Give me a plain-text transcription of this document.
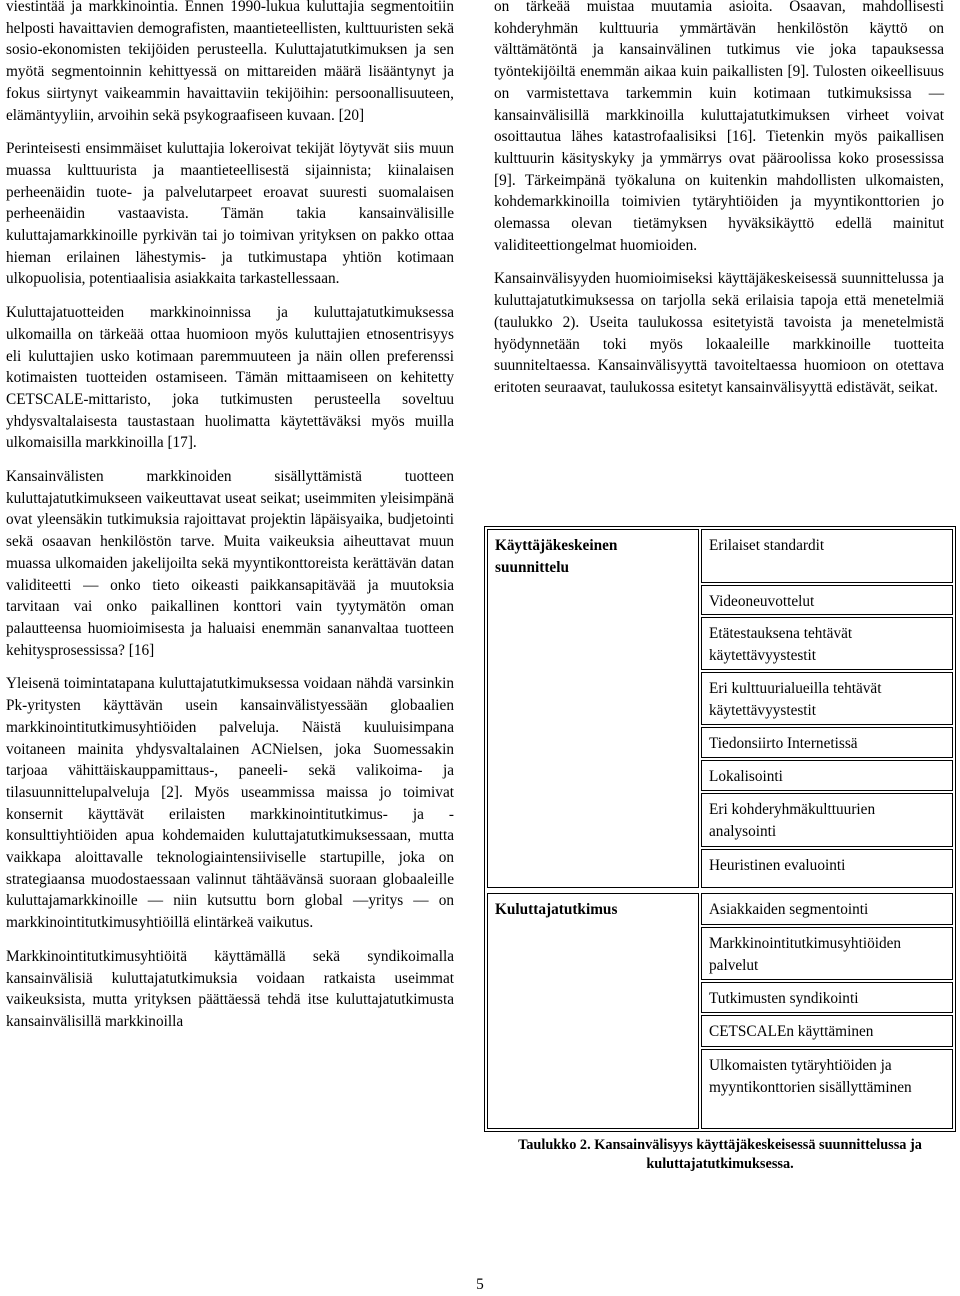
viestintää ja markkinointia. Ennen 1990-lukua kuluttajia segmentoitiin helposti havaittavien demografisten, maantieteellisten, kulttuuristen sekä sosio-ekonomisten tekijöiden perusteella. Kuluttajatutkimuksen ja sen myötä segmentoinnin kehittyessä on mittareiden määrä lisääntynyt ja fokus siirtynyt vaikeammin havaittaviin tekijöihin: persoonallisuuteen, elämäntyyliin, arvoihin sekä psykograafiseen kuvaan. [20]

Perinteisesti ensimmäiset kuluttajia lokeroivat tekijät löytyvät siis muun muassa kulttuurista ja maantieteellisestä sijainnista; kiinalaisen perheenäidin tuote- ja palvelutarpeet eroavat suuresti suomalaisen perheenäidin vastaavista. Tämän takia kansainvälisille kuluttajamarkkinoille pyrkivän tai jo toimivan yrityksen on pakko ottaa hieman erilainen lähestymis- ja tutkimustapa yhtiön kotimaan ulkopuolisia, potentiaalisia asiakkaita tarkastellessaan.

Kuluttajatuotteiden markkinoinnissa ja kuluttajatutkimuksessa ulkomailla on tärkeää ottaa huomioon myös kuluttajien etnosentrisyys eli kuluttajien usko kotimaan paremmuuteen ja näin ollen preferenssi kotimaisten tuotteiden ostamiseen. Tämän mittaamiseen on kehitetty CETSCALE-mittaristo, joka tutkimusten perusteella soveltuu yhdysvaltalaisesta taustastaan huolimatta käytettäväksi myös muilla ulkomaisilla markkinoilla [17].

Kansainvälisten markkinoiden sisällyttämistä tuotteen kuluttajatutkimukseen vaikeuttavat useat seikat; useimmiten yleisimpänä ovat yleensäkin tutkimuksia rajoittavat projektin läpäisyaika, budjetointi sekä osaavan henkilöstön tarve. Muita vaikeuksia aiheuttavat muun muassa ulkomaiden jakelijoilta sekä myyntikonttoreista kerättävän datan validiteetti — onko tieto oikeasti paikkansapitävää ja muutoksia tarvitaan vai onko paikallinen konttori vain tyytymätön oman palautteensa huomioimisesta ja haluaisi enemmän sananvaltaa tuotteen kehitysprosessissa? [16]

Yleisenä toimintatapana kuluttajatutkimuksessa voidaan nähdä varsinkin Pk-yritysten käyttävän usein kansainvälistyessään globaalien markkinointitutkimusyhtiöiden palveluja. Näistä kuuluisimpana voitaneen mainita yhdysvaltalainen ACNielsen, joka Suomessakin tarjoaa vähittäiskauppamittaus-, paneeli- sekä valikoima- ja tilasuunnittelupalveluja [2]. Myös useammissa maissa jo toimivat konsernit käyttävät erilaisten markkinointitutkimus- ja -konsulttiyhtiöiden apua kohdemaiden kuluttajatutkimuksessaan, mutta vaikkapa aloittavalle teknologiaintensiiviselle startupille, joka on strategiaansa muodostaessaan valinnut tähtäävänsä suoraan globaaleille kuluttajamarkkinoille — niin kutsuttu born global —yritys — on markkinointitutkimusyhtiöillä elintärkeä vaikutus.

Markkinointitutkimusyhtiöitä käyttämällä sekä syndikoimalla kansainvälisiä kuluttajatutkimuksia voidaan ratkaista useimmat vaikeuksista, mutta yrityksen päättäessä tehdä itse kuluttajatutkimusta kansainvälisillä markkinoilla

on tärkeää muistaa muutamia asioita. Osaavan, mahdollisesti kohderyhmän kulttuuria ymmärtävän henkilöstön käyttö on välttämätöntä ja kansainvälinen tutkimus vie joka tapauksessa työntekijöiltä enemmän aikaa kuin paikallisten [9]. Tulosten oikeellisuus on varmistettava tarkemmin kuin kotimaan tutkimuksissa — kansainvälisillä markkinoilla kuluttajatutkimuksen virheet voivat osoittautua lähes katastrofaalisiksi [16]. Tietenkin myös paikallisen kulttuurin käsityskyky ja ymmärrys ovat pääroolissa koko prosessissa [9]. Tärkeimpänä työkaluna on kuitenkin mahdollisten ulkomaisten, kohdemarkkinoilla toimivien tytäryhtiöiden ja myyntikonttorien jo olemassa olevan tietämyksen hyväksikäyttö edellä mainitut validiteettiongelmat huomioiden.

Kansainvälisyyden huomioimiseksi käyttäjäkeskeisessä suunnittelussa ja kuluttajatutkimuksessa on tarjolla sekä erilaisia tapoja että menetelmiä (taulukko 2). Useita taulukossa esitetyistä tavoista ja menetelmistä hyödynnetään toki myös lokaaleille markkinoille tuotteita suunniteltaessa. Kansainvälisyyttä tavoiteltaessa huomioon on otettava eritoten seuraavat, taulukossa esitetyt kansainvälisyyttä edistävät, seikat.

Käyttäjäkeskeinen suunnittelu
Erilaiset standardit
Videoneuvottelut
Etätestauksena tehtävät käytettävyystestit
Eri kulttuurialueilla tehtävät käytettävyystestit
Tiedonsiirto Internetissä
Lokalisointi
Eri kohderyhmäkulttuurien analysointi
Heuristinen evaluointi
Kuluttajatutkimus	Asiakkaiden segmentointi
Markkinointitutkimusyhtiöiden palvelut
Tutkimusten syndikointi
CETSCALEn käyttäminen
Ulkomaisten tytäryhtiöiden ja myyntikonttorien sisällyttäminen
Taulukko 2. Kansainvälisyys käyttäjäkeskeisessä suunnittelussa ja kuluttajatutkimuksessa.
5
